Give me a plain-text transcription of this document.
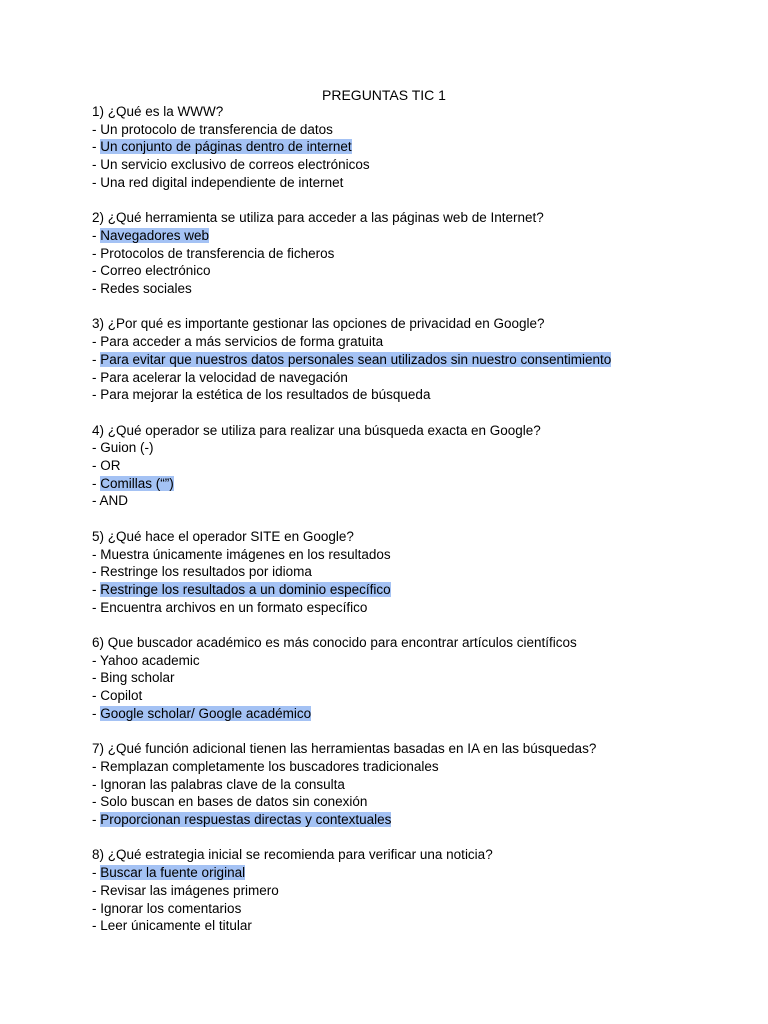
PREGUNTAS TIC 1
1) ¿Qué es la WWW?
- Un protocolo de transferencia de datos
- Un conjunto de páginas dentro de internet
- Un servicio exclusivo de correos electrónicos
- Una red digital independiente de internet
2) ¿Qué herramienta se utiliza para acceder a las páginas web de Internet?
- Navegadores web
- Protocolos de transferencia de ficheros
- Correo electrónico
- Redes sociales
3) ¿Por qué es importante gestionar las opciones de privacidad en Google?
- Para acceder a más servicios de forma gratuita
- Para evitar que nuestros datos personales sean utilizados sin nuestro consentimiento
- Para acelerar la velocidad de navegación
- Para mejorar la estética de los resultados de búsqueda
4) ¿Qué operador se utiliza para realizar una búsqueda exacta en Google?
- Guion (-)
- OR
- Comillas (“”)
- AND
5) ¿Qué hace el operador SITE en Google?
- Muestra únicamente imágenes en los resultados
- Restringe los resultados por idioma
- Restringe los resultados a un dominio específico
- Encuentra archivos en un formato específico
6) Que buscador académico es más conocido para encontrar artículos científicos
- Yahoo academic
- Bing scholar
- Copilot
- Google scholar/ Google académico
7) ¿Qué función adicional tienen las herramientas basadas en IA en las búsquedas?
- Remplazan completamente los buscadores tradicionales
- Ignoran las palabras clave de la consulta
- Solo buscan en bases de datos sin conexión
- Proporcionan respuestas directas y contextuales
8) ¿Qué estrategia inicial se recomienda para verificar una noticia?
- Buscar la fuente original
- Revisar las imágenes primero
- Ignorar los comentarios
- Leer únicamente el titular
